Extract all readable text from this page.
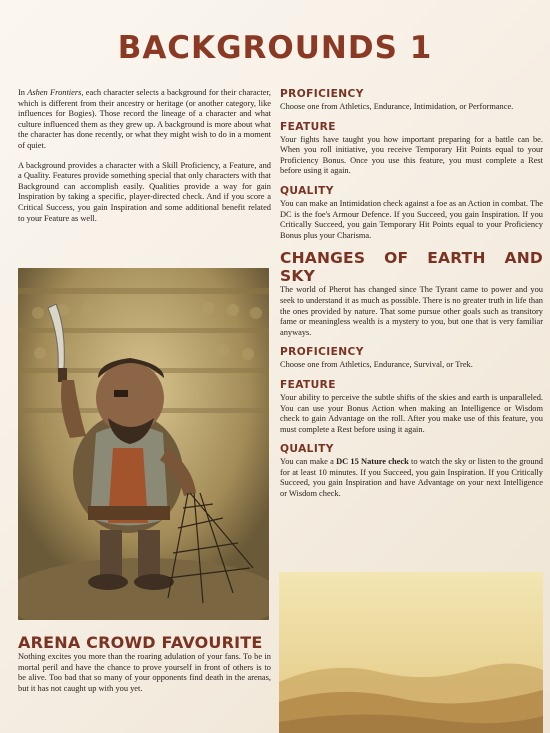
BACKGROUNDS 1

In Ashen Frontiers, each character selects a background for their character, which is different from their ancestry or heritage (or another category, like influences for Bogies). Those record the lineage of a character and what culture influenced them as they grew up. A background is more about what the character has done recently, or what they might wish to do in a moment of quiet.

A background provides a character with a Skill Proficiency, a Feature, and a Quality. Features provide something special that only characters with that Background can accomplish easily. Qualities provide a way for gain Inspiration by taking a specific, player-directed check. And if you score a Critical Success, you gain Inspiration and some additional benefit related to your Feature as well.

ARENA CROWD FAVOURITE

Nothing excites you more than the roaring adulation of your fans. To be in mortal peril and have the chance to prove yourself in front of others is to be alive. Too bad that so many of your opponents find death in the arenas, but it has not caught up with you yet.

PROFICIENCY

Choose one from Athletics, Endurance, Intimidation, or Performance.

FEATURE

Your fights have taught you how important preparing for a battle can be. When you roll initiative, you receive Temporary Hit Points equal to your Proficiency Bonus. Once you use this feature, you must complete a Rest before using it again.

QUALITY

You can make an Intimidation check against a foe as an Action in combat. The DC is the foe's Armour Defence. If you Succeed, you gain Inspiration. If you Critically Succeed, you gain Temporary Hit Points equal to your Proficiency Bonus plus your Charisma.

CHANGES OF EARTH AND SKY

The world of Pherot has changed since The Tyrant came to power and you seek to understand it as much as possible. There is no greater truth in life than the ones provided by nature. That some pursue other goals such as transitory fame or meaningless wealth is a mystery to you, but one that is very familiar anyways.

PROFICIENCY

Choose one from Athletics, Endurance, Survival, or Trek.

FEATURE

Your ability to perceive the subtle shifts of the skies and earth is unparalleled. You can use your Bonus Action when making an Intelligence or Wisdom check to gain Advantage on the roll. After you make use of this feature, you must complete a Rest before using it again.

QUALITY

You can make a DC 15 Nature check to watch the sky or listen to the ground for at least 10 minutes. If you Succeed, you gain Inspiration. If you Critically Succeed, you gain Inspiration and have Advantage on your next Intelligence or Wisdom check.
